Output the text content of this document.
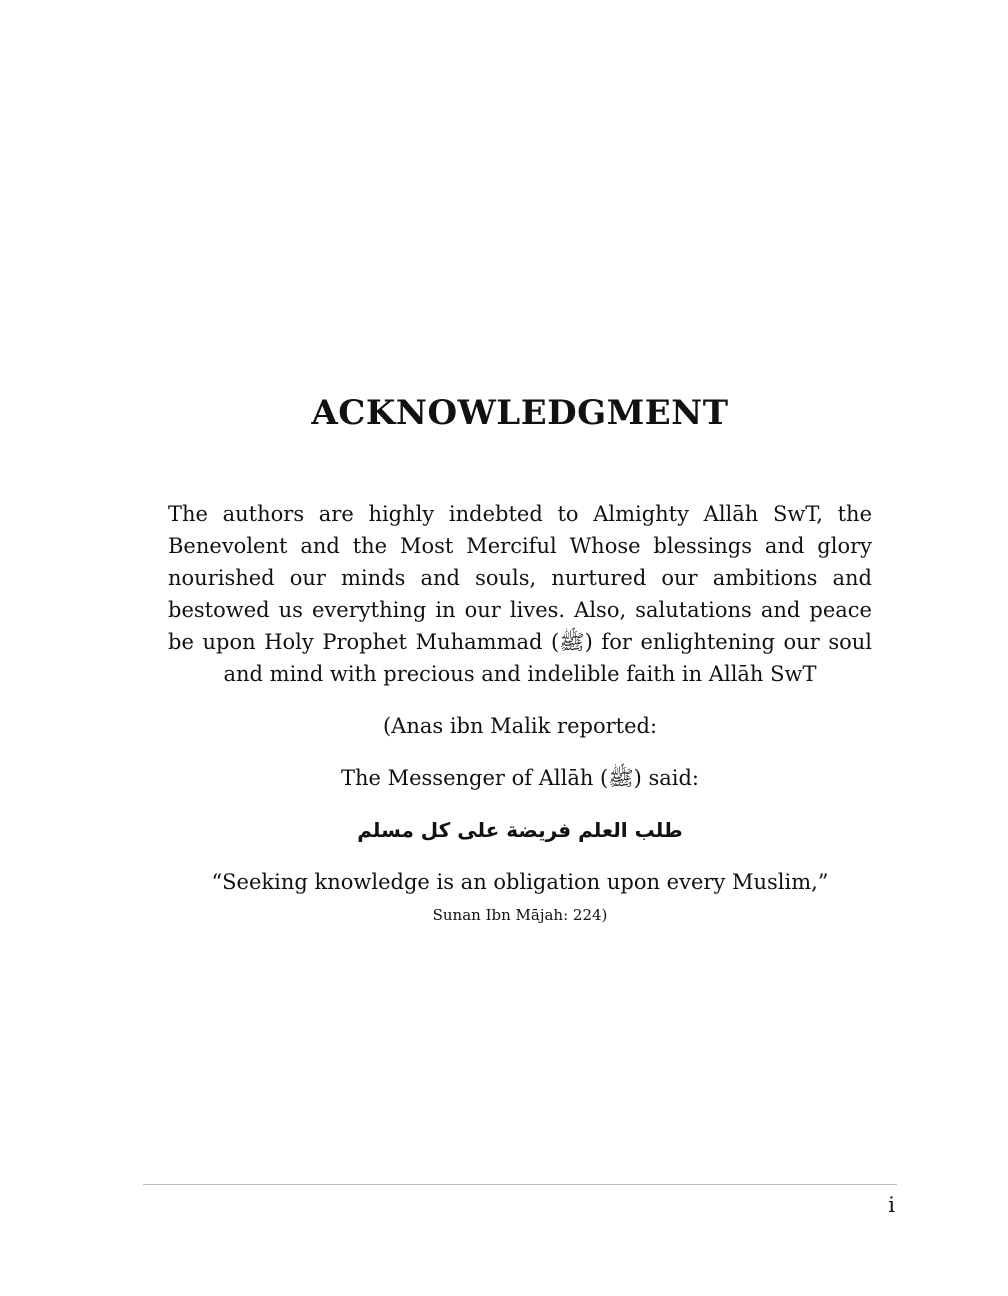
ACKNOWLEDGMENT

The authors are highly indebted to Almighty Allāh SwT, the Benevolent and the Most Merciful Whose blessings and glory nourished our minds and souls, nurtured our ambitions and bestowed us everything in our lives. Also, salutations and peace be upon Holy Prophet Muhammad (ﷺ) for enlightening our soul and mind with precious and indelible faith in Allāh SwT

(Anas ibn Malik reported:

The Messenger of Allāh (ﷺ) said:

طلب العلم فريضة على كل مسلم

“Seeking knowledge is an obligation upon every Muslim,”

Sunan Ibn Mājah: 224)

i
